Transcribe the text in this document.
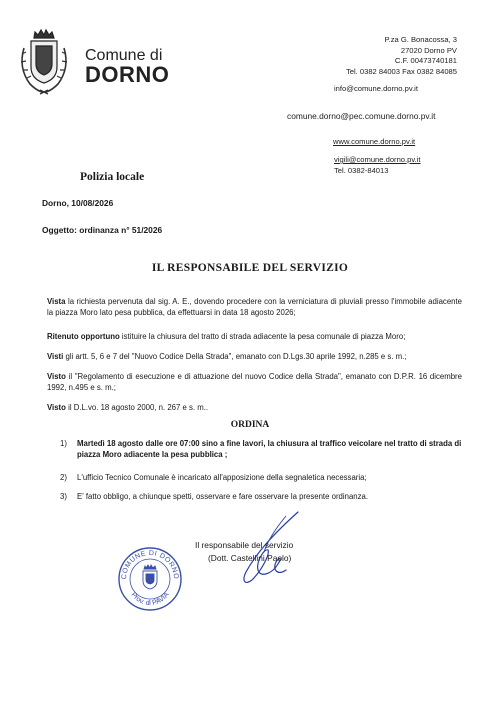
Comune di
DORNO
P.za G. Bonacossa, 3
27020 Dorno PV
C.F. 00473740181
Tel. 0382 84003 Fax 0382 84085
info@comune.dorno.pv.it
comune.dorno@pec.comune.dorno.pv.it
www.comune.dorno.pv.it
vigili@comune.dorno.pv.it
Tel. 0382-84013
Polizia locale
Dorno, 10/08/2026
Oggetto: ordinanza n° 51/2026
IL RESPONSABILE DEL SERVIZIO
Vista la richiesta pervenuta dal sig. A. E., dovendo procedere con la verniciatura di pluviali presso l'immobile adiacente la piazza Moro lato pesa pubblica, da effettuarsi in data 18 agosto 2026;
Ritenuto opportuno istituire la chiusura del tratto di strada adiacente la pesa comunale di piazza Moro;
Visti gli artt. 5, 6 e 7 del "Nuovo Codice Della Strada", emanato con D.Lgs.30 aprile 1992, n.285 e s. m.;
Visto il "Regolamento di esecuzione e di attuazione del nuovo Codice della Strada", emanato con D.P.R. 16 dicembre 1992, n.495 e s. m.;
Visto il D.L.vo. 18 agosto 2000, n. 267 e s. m..
ORDINA
1) Martedì 18 agosto dalle ore 07:00 sino a fine lavori, la chiusura al traffico veicolare nel tratto di strada di piazza Moro adiacente la pesa pubblica ;
2) L'ufficio Tecnico Comunale è incaricato all'apposizione della segnaletica necessaria;
3) E' fatto obbligo, a chiunque spetti, osservare e fare osservare la presente ordinanza.
COMUNE DI DORNO
Prov. di PAVIA
Il responsabile del servizio
(Dott. Castellini Paolo)
